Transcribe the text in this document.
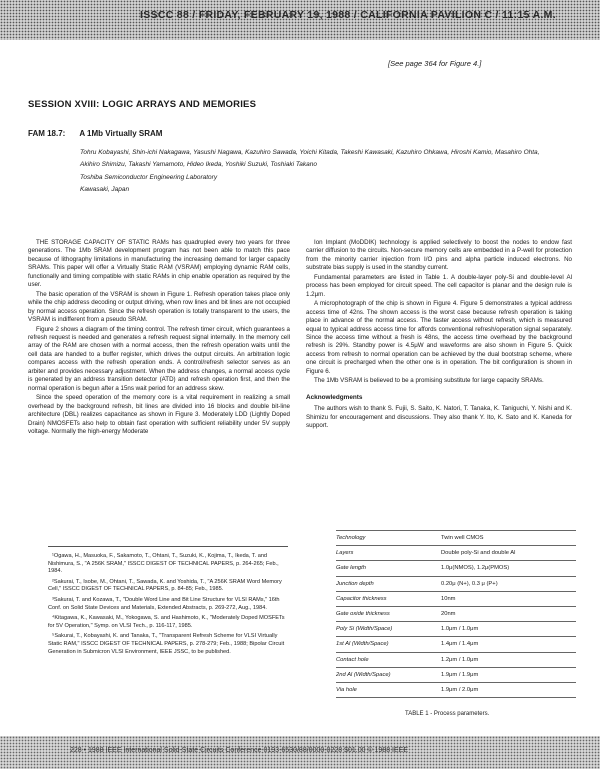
ISSCC 88 / FRIDAY, FEBRUARY 19, 1988 / CALIFORNIA PAVILION C / 11:15 A.M.
[See page 364 for Figure 4.]
SESSION XVIII: LOGIC ARRAYS AND MEMORIES
FAM 18.7: A 1Mb Virtually SRAM
Tohru Kobayashi, Shin-ichi Nakagawa, Yasushi Nagawa, Kazuhiro Sawada, Yoichi Kitada, Takeshi Kawasaki, Kazuhiro Ohkawa, Hiroshi Kamio, Masahiro Ohta, Akihiro Shimizu, Takashi Yamamoto, Hideo Ikeda, Yoshiki Suzuki, Toshiaki Takano
Toshiba Semiconductor Engineering Laboratory
Kawasaki, Japan

THE STORAGE CAPACITY OF STATIC RAMs has quadrupled every two years for three generations. The 1Mb SRAM development program has not been able to match this pace because of lithography limitations in manufacturing the increasing demand for larger capacity SRAMs. This paper will offer a Virtually Static RAM (VSRAM) employing dynamic RAM cells, functionally and timing compatible with static RAMs in chip enable operation as required by the user.

The basic operation of the VSRAM is shown in Figure 1. Refresh operation takes place only while the chip address decoding or output driving, when row lines and bit lines are not occupied by normal access operation. Since the refresh operation is totally transparent to the users, the VSRAM is indifferent from a pseudo SRAM.

Figure 2 shows a diagram of the timing control. The refresh timer circuit, which guarantees a refresh request is needed and generates a refresh request signal internally. In the memory cell array of the RAM are chosen with a normal access, then the refresh operation waits until the cell data are handed to a buffer register, which drives the output circuits. An arbitration logic compares access with the refresh operation ends. A control/refresh selector serves as an arbiter and provides necessary adjustment. When the address changes, a normal access cycle is generated by an address transition detector (ATD) and refresh operation first, and then the normal operation is begun after a 15ns wait period for an address skew.

Since the speed operation of the memory core is a vital requirement in realizing a small overhead by the background refresh, bit lines are divided into 16 blocks and double bit-line architecture (DBL) realizes capacitance as shown in Figure 3. Moderately LDD (Lightly Doped Drain) NMOSFETs also help to obtain fast operation with sufficient reliability under 5V supply voltage. Normally the high-energy Moderate

Ion Implant (MoDDIK) technology is applied selectively to boost the nodes to endow fast carrier diffusion to the circuits. Non-secure memory cells are embedded in a P-well for protection from the minority carrier injection from I/O pins and alpha particle induced electrons. No substrate bias supply is used in the standby current.

Fundamental parameters are listed in Table 1. A double-layer poly-Si and double-level Al process has been employed for circuit speed. The cell capacitor is planar and the design rule is 1.2μm.

A microphotograph of the chip is shown in Figure 4. Figure 5 demonstrates a typical address access time of 42ns. The shown access is the worst case because refresh operation is taking place in advance of the normal access. The faster access without refresh, which is measured equal to typical address access time for affords conventional refresh/operation signal separately. Since the access time without a fresh is 48ns, the access time overhead by the background refresh is 29%. Standby power is 4.5μW and waveforms are also shown in Figure 5. Quick access from refresh to normal operation can be achieved by the dual bootstrap scheme, where one circuit is precharged when the other one is in operation. The bit configuration is shown in Figure 6.

The 1Mb VSRAM is believed to be a promising substitute for large capacity SRAMs.

Acknowledgments

The authors wish to thank S. Fujii, S. Saito, K. Natori, T. Tanaka, K. Taniguchi, Y. Nishi and K. Shimizu for encouragement and discussions. They also thank Y. Ito, K. Sato and K. Kaneda for support.

¹Ogawa, H., Masuoka, F., Sakamoto, T., Ohtani, T., Suzuki, K., Kojima, T., Ikeda, T. and Nishimura, S., "A 256K SRAM," ISSCC DIGEST OF TECHNICAL PAPERS, p. 264-265; Feb., 1984.
²Sakurai, T., Isobe, M., Ohtani, T., Sawada, K. and Yoshida, T., "A 256K SRAM Word Memory Cell," ISSCC DIGEST OF TECHNICAL PAPERS, p. 84-85; Feb., 1985.
³Sakurai, T. and Kozawa, T., "Double Word Line and Bit Line Structure for VLSI RAMs," 16th Conf. on Solid State Devices and Materials, Extended Abstracts, p. 269-272, Aug., 1984.
⁴Kitagawa, K., Kawasaki, M., Yokogawa, S. and Hashimoto, K., "Moderately Doped MOSFETs for 5V Operation," Symp. on VLSI Tech., p. 116-117, 1985.
⁵Sakurai, T., Kobayashi, K. and Tanaka, T., "Transparent Refresh Scheme for VLSI Virtually Static RAM," ISSCC DIGEST OF TECHNICAL PAPERS, p. 278-279; Feb., 1988; Bipolar Circuit Generation in Submicron VLSI Environment, IEEE JSSC, to be published.
Technology	Twin well CMOS
Layers	Double poly-Si and double Al
Gate length	1.0μ(NMOS), 1.2μ(PMOS)
Junction depth	0.20μ (N+), 0.3 μ (P+)
Capacitor thickness	10nm
Gate oxide thickness	20nm
Poly Si (Width/Space)	1.0μm / 1.0μm
1st Al (Width/Space)	1.4μm / 1.4μm
Contact hole	1.2μm / 1.0μm
2nd Al (Width/Space)	1.9μm / 1.9μm
Via hole	1.9μm / 2.0μm
TABLE 1 - Process parameters.
228 • 1988 IEEE International Solid-State Circuits Conference 0193-6530/88/0000-0228 $01.00 © 1988 IEEE
